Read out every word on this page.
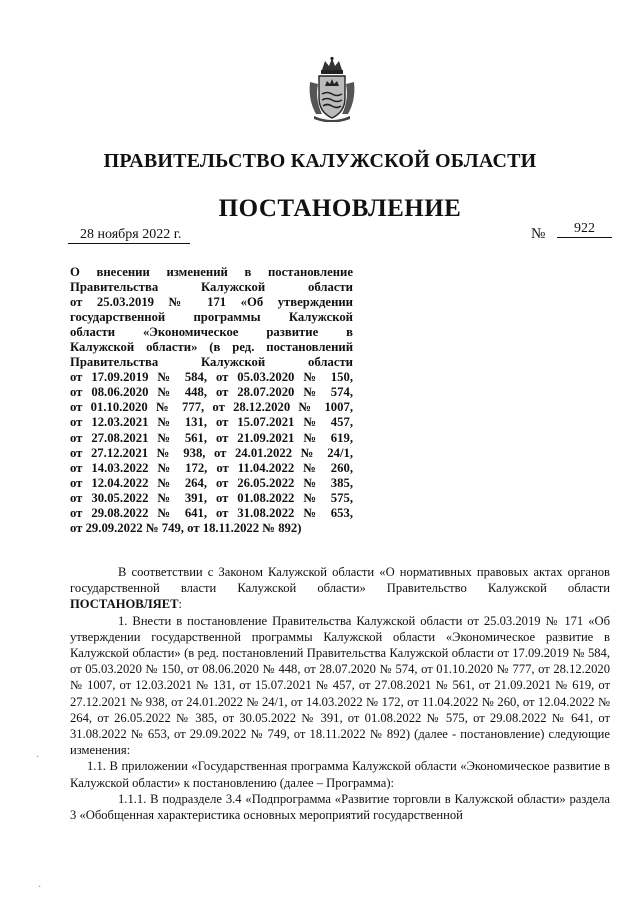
ПРАВИТЕЛЬСТВО КАЛУЖСКОЙ ОБЛАСТИ
ПОСТАНОВЛЕНИЕ
28 ноября 2022 г.	№	922
О внесении изменений в постановление
Правительства Калужской области
от 25.03.2019 № 171 «Об утверждении
государственной программы Калужской
области «Экономическое развитие в
Калужской области» (в ред. постановлений
Правительства Калужской области
от 17.09.2019 № 584, от 05.03.2020 № 150,
от 08.06.2020 № 448, от 28.07.2020 № 574,
от 01.10.2020 № 777, от 28.12.2020 № 1007,
от 12.03.2021 № 131, от 15.07.2021 № 457,
от 27.08.2021 № 561, от 21.09.2021 № 619,
от 27.12.2021 № 938, от 24.01.2022 № 24/1,
от 14.03.2022 № 172, от 11.04.2022 № 260,
от 12.04.2022 № 264, от 26.05.2022 № 385,
от 30.05.2022 № 391, от 01.08.2022 № 575,
от 29.08.2022 № 641, от 31.08.2022 № 653,
от 29.09.2022 № 749, от 18.11.2022 № 892)

В соответствии с Законом Калужской области «О нормативных правовых актах органов государственной власти Калужской области» Правительство Калужской области ПОСТАНОВЛЯЕТ:

1. Внести в постановление Правительства Калужской области от 25.03.2019 № 171 «Об утверждении государственной программы Калужской области «Экономическое развитие в Калужской области» (в ред. постановлений Правительства Калужской области от 17.09.2019 № 584, от 05.03.2020 № 150, от 08.06.2020 № 448, от 28.07.2020 № 574, от 01.10.2020 № 777, от 28.12.2020 № 1007, от 12.03.2021 № 131, от 15.07.2021 № 457, от 27.08.2021 № 561, от 21.09.2021 № 619, от 27.12.2021 № 938, от 24.01.2022 № 24/1, от 14.03.2022 № 172, от 11.04.2022 № 260, от 12.04.2022 № 264, от 26.05.2022 № 385, от 30.05.2022 № 391, от 01.08.2022 № 575, от 29.08.2022 № 641, от 31.08.2022 № 653, от 29.09.2022 № 749, от 18.11.2022 № 892) (далее - постановление) следующие изменения:

1.1. В приложении «Государственная программа Калужской области «Экономическое развитие в Калужской области» к постановлению (далее – Программа):

1.1.1. В подразделе 3.4 «Подпрограмма «Развитие торговли в Калужской области» раздела 3 «Обобщенная характеристика основных мероприятий государственной

·
·
